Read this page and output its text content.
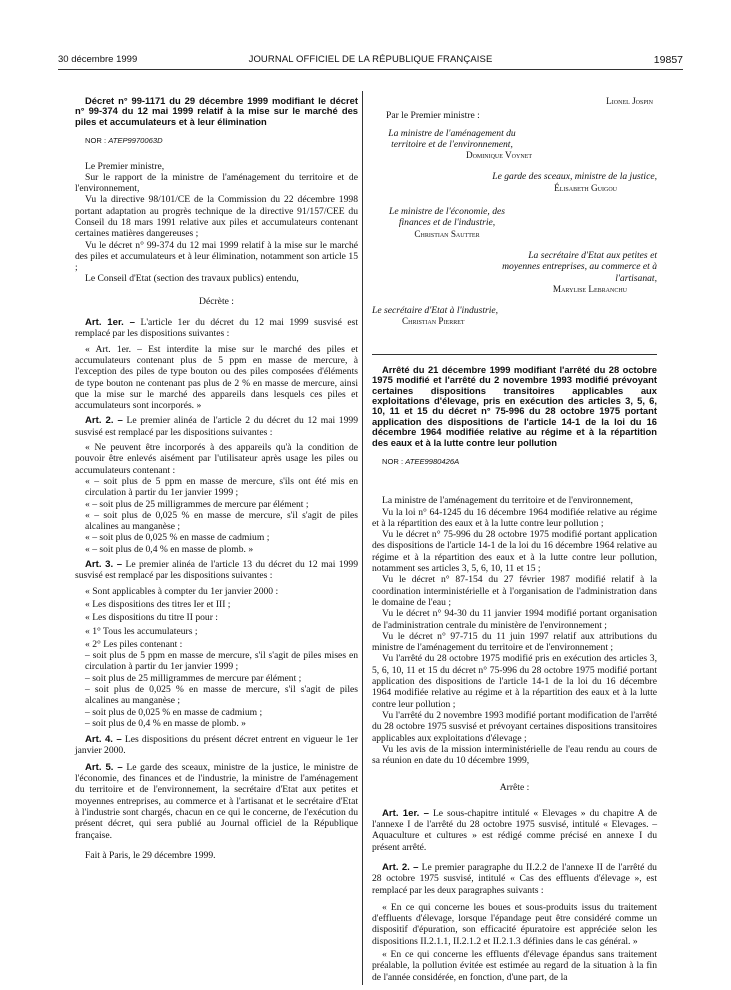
30 décembre 1999	JOURNAL OFFICIEL DE LA RÉPUBLIQUE FRANÇAISE	19857

Décret n° 99-1171 du 29 décembre 1999 modifiant le décret n° 99-374 du 12 mai 1999 relatif à la mise sur le marché des piles et accumulateurs et à leur élimination

NOR : ATEP9970063D

Le Premier ministre,

Sur le rapport de la ministre de l'aménagement du territoire et de l'environnement,

Vu la directive 98/101/CE de la Commission du 22 décembre 1998 portant adaptation au progrès technique de la directive 91/157/CEE du Conseil du 18 mars 1991 relative aux piles et accumulateurs contenant certaines matières dangereuses ;

Vu le décret n° 99-374 du 12 mai 1999 relatif à la mise sur le marché des piles et accumulateurs et à leur élimination, notamment son article 15 ;

Le Conseil d'Etat (section des travaux publics) entendu,

Décrète :

Art. 1er. – L'article 1er du décret du 12 mai 1999 susvisé est remplacé par les dispositions suivantes :

« Art. 1er. – Est interdite la mise sur le marché des piles et accumulateurs contenant plus de 5 ppm en masse de mercure, à l'exception des piles de type bouton ou des piles composées d'éléments de type bouton ne contenant pas plus de 2 % en masse de mercure, ainsi que la mise sur le marché des appareils dans lesquels ces piles et accumulateurs sont incorporés. »

Art. 2. – Le premier alinéa de l'article 2 du décret du 12 mai 1999 susvisé est remplacé par les dispositions suivantes :

« Ne peuvent être incorporés à des appareils qu'à la condition de pouvoir être enlevés aisément par l'utilisateur après usage les piles ou accumulateurs contenant :

« – soit plus de 5 ppm en masse de mercure, s'ils ont été mis en circulation à partir du 1er janvier 1999 ;

« – soit plus de 25 milligrammes de mercure par élément ;

« – soit plus de 0,025 % en masse de mercure, s'il s'agit de piles alcalines au manganèse ;

« – soit plus de 0,025 % en masse de cadmium ;

« – soit plus de 0,4 % en masse de plomb. »

Art. 3. – Le premier alinéa de l'article 13 du décret du 12 mai 1999 susvisé est remplacé par les dispositions suivantes :

« Sont applicables à compter du 1er janvier 2000 :

« Les dispositions des titres Ier et III ;

« Les dispositions du titre II pour :

« 1° Tous les accumulateurs ;

« 2° Les piles contenant :

– soit plus de 5 ppm en masse de mercure, s'il s'agit de piles mises en circulation à partir du 1er janvier 1999 ;

– soit plus de 25 milligrammes de mercure par élément ;

– soit plus de 0,025 % en masse de mercure, s'il s'agit de piles alcalines au manganèse ;

– soit plus de 0,025 % en masse de cadmium ;

– soit plus de 0,4 % en masse de plomb. »

Art. 4. – Les dispositions du présent décret entrent en vigueur le 1er janvier 2000.

Art. 5. – Le garde des sceaux, ministre de la justice, le ministre de l'économie, des finances et de l'industrie, la ministre de l'aménagement du territoire et de l'environnement, la secrétaire d'Etat aux petites et moyennes entreprises, au commerce et à l'artisanat et le secrétaire d'Etat à l'industrie sont chargés, chacun en ce qui le concerne, de l'exécution du présent décret, qui sera publié au Journal officiel de la République française.

Fait à Paris, le 29 décembre 1999.

Lionel Jospin

Par le Premier ministre :

La ministre de l'aménagement du territoire et de l'environnement,
Dominique Voynet
Le garde des sceaux, ministre de la justice,
Élisabeth Guigou
Le ministre de l'économie, des finances et de l'industrie,
Christian Sautter
La secrétaire d'Etat aux petites et moyennes entreprises, au commerce et à l'artisanat,
Marylise Lebranchu
Le secrétaire d'Etat à l'industrie,
Christian Pierret

Arrêté du 21 décembre 1999 modifiant l'arrêté du 28 octobre 1975 modifié et l'arrêté du 2 novembre 1993 modifié prévoyant certaines dispositions transitoires applicables aux exploitations d'élevage, pris en exécution des articles 3, 5, 6, 10, 11 et 15 du décret n° 75-996 du 28 octobre 1975 portant application des dispositions de l'article 14-1 de la loi du 16 décembre 1964 modifiée relative au régime et à la répartition des eaux et à la lutte contre leur pollution

NOR : ATEE9980426A

La ministre de l'aménagement du territoire et de l'environnement,

Vu la loi n° 64-1245 du 16 décembre 1964 modifiée relative au régime et à la répartition des eaux et à la lutte contre leur pollution ;

Vu le décret n° 75-996 du 28 octobre 1975 modifié portant application des dispositions de l'article 14-1 de la loi du 16 décembre 1964 relative au régime et à la répartition des eaux et à la lutte contre leur pollution, notamment ses articles 3, 5, 6, 10, 11 et 15 ;

Vu le décret n° 87-154 du 27 février 1987 modifié relatif à la coordination interministérielle et à l'organisation de l'administration dans le domaine de l'eau ;

Vu le décret n° 94-30 du 11 janvier 1994 modifié portant organisation de l'administration centrale du ministère de l'environnement ;

Vu le décret n° 97-715 du 11 juin 1997 relatif aux attributions du ministre de l'aménagement du territoire et de l'environnement ;

Vu l'arrêté du 28 octobre 1975 modifié pris en exécution des articles 3, 5, 6, 10, 11 et 15 du décret n° 75-996 du 28 octobre 1975 modifié portant application des dispositions de l'article 14-1 de la loi du 16 décembre 1964 modifiée relative au régime et à la répartition des eaux et à la lutte contre leur pollution ;

Vu l'arrêté du 2 novembre 1993 modifié portant modification de l'arrêté du 28 octobre 1975 susvisé et prévoyant certaines dispositions transitoires applicables aux exploitations d'élevage ;

Vu les avis de la mission interministérielle de l'eau rendu au cours de sa réunion en date du 10 décembre 1999,

Arrête :

Art. 1er. – Le sous-chapitre intitulé « Elevages » du chapitre A de l'annexe I de l'arrêté du 28 octobre 1975 susvisé, intitulé « Elevages. – Aquaculture et cultures » est rédigé comme précisé en annexe I du présent arrêté.

Art. 2. – Le premier paragraphe du II.2.2 de l'annexe II de l'arrêté du 28 octobre 1975 susvisé, intitulé « Cas des effluents d'élevage », est remplacé par les deux paragraphes suivants :

« En ce qui concerne les boues et sous-produits issus du traitement d'effluents d'élevage, lorsque l'épandage peut être considéré comme un dispositif d'épuration, son efficacité épuratoire est appréciée selon les dispositions II.2.1.1, II.2.1.2 et II.2.1.3 définies dans le cas général. »

« En ce qui concerne les effluents d'élevage épandus sans traitement préalable, la pollution évitée est estimée au regard de la situation à la fin de l'année considérée, en fonction, d'une part, de la
